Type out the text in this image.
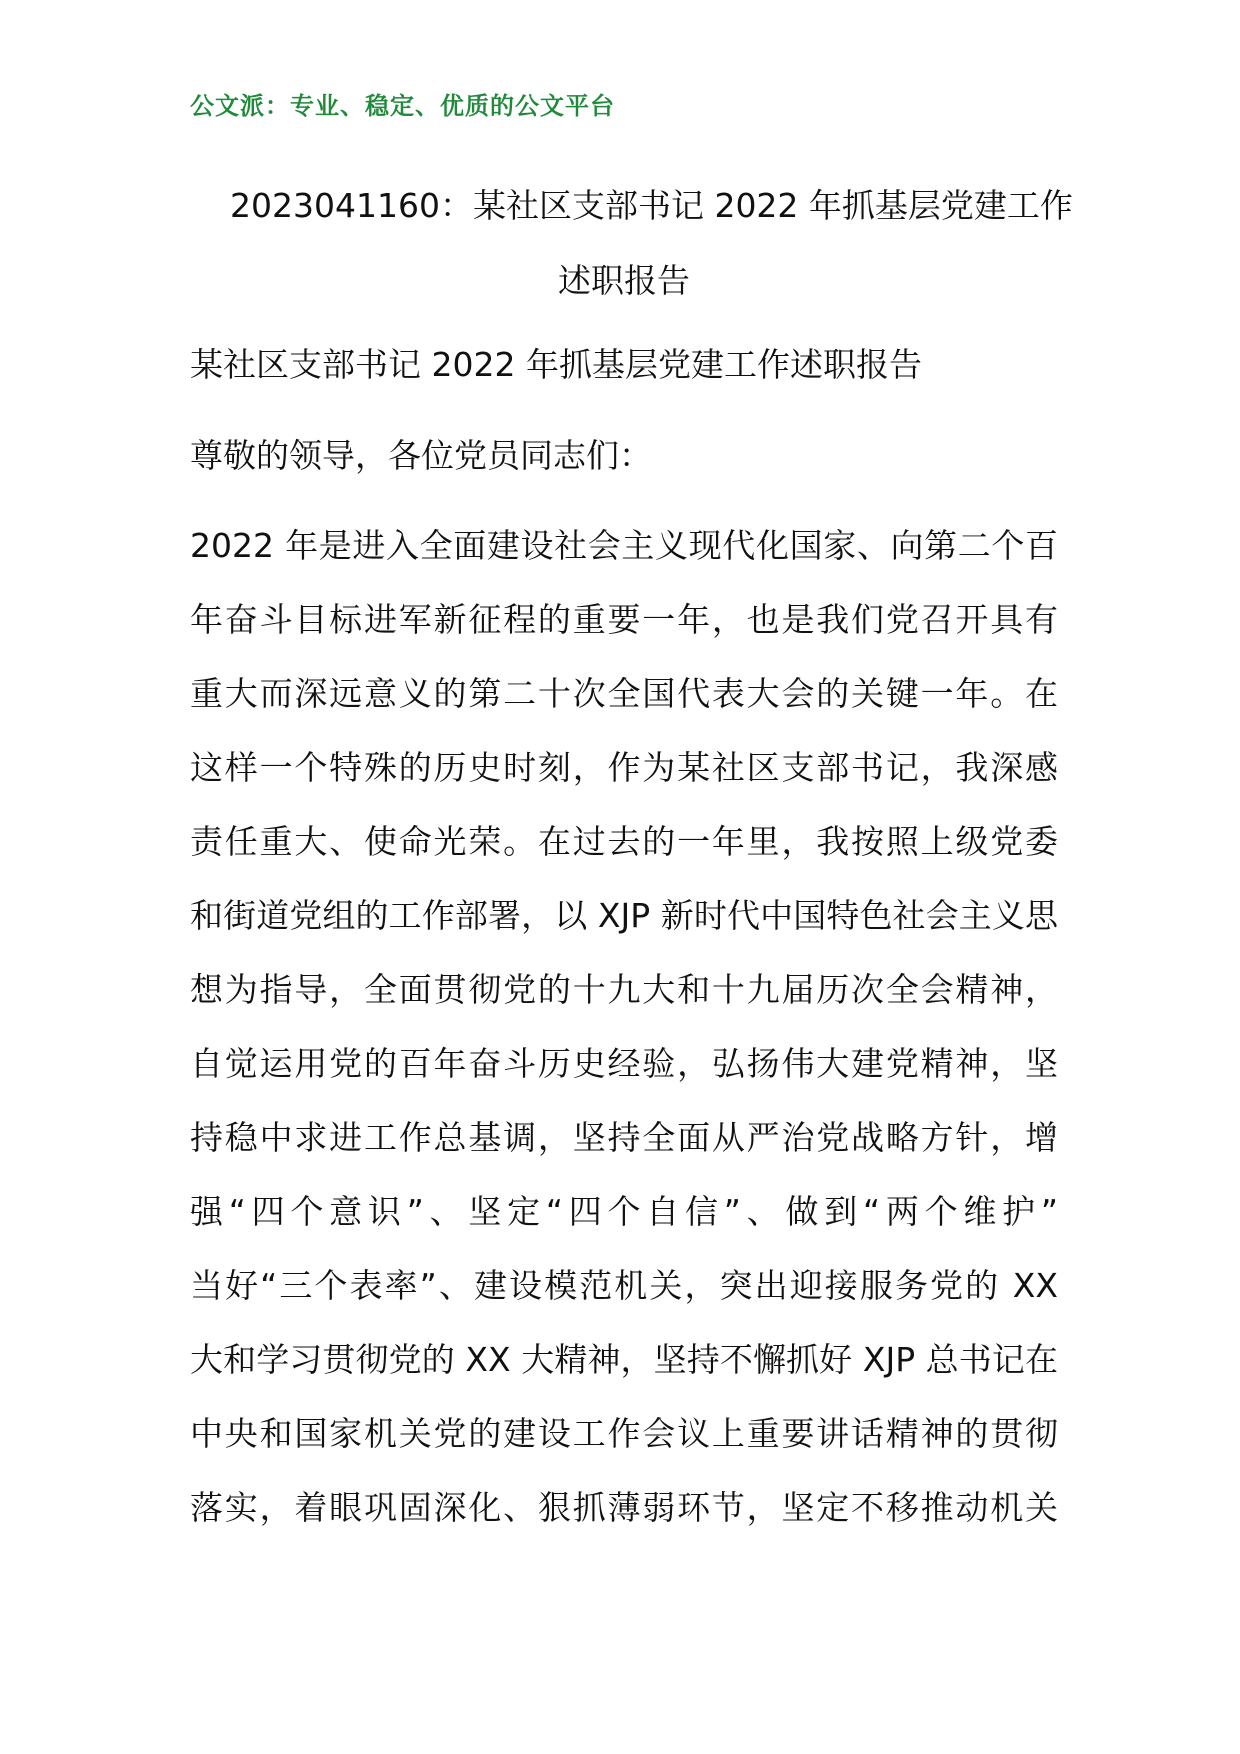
公文派：专业、稳定、优质的公文平台
2023041160：某社区支部书记 2022 年抓基层党建工作
述职报告
某社区支部书记 2022 年抓基层党建工作述职报告
尊敬的领导，各位党员同志们：
2022 年是进入全面建设社会主义现代化国家、向第二个百
年奋斗目标进军新征程的重要一年，也是我们党召开具有
重大而深远意义的第二十次全国代表大会的关键一年。在
这样一个特殊的历史时刻，作为某社区支部书记，我深感
责任重大、使命光荣。在过去的一年里，我按照上级党委
和街道党组的工作部署，以 XJP 新时代中国特色社会主义思
想为指导，全面贯彻党的十九大和十九届历次全会精神，
自觉运用党的百年奋斗历史经验，弘扬伟大建党精神，坚
持稳中求进工作总基调，坚持全面从严治党战略方针，增
强“四个意识”、坚定“四个自信”、做到“两个维护”
当好“三个表率”、建设模范机关，突出迎接服务党的 XX
大和学习贯彻党的 XX 大精神，坚持不懈抓好 XJP 总书记在
中央和国家机关党的建设工作会议上重要讲话精神的贯彻
落实，着眼巩固深化、狠抓薄弱环节，坚定不移推动机关
